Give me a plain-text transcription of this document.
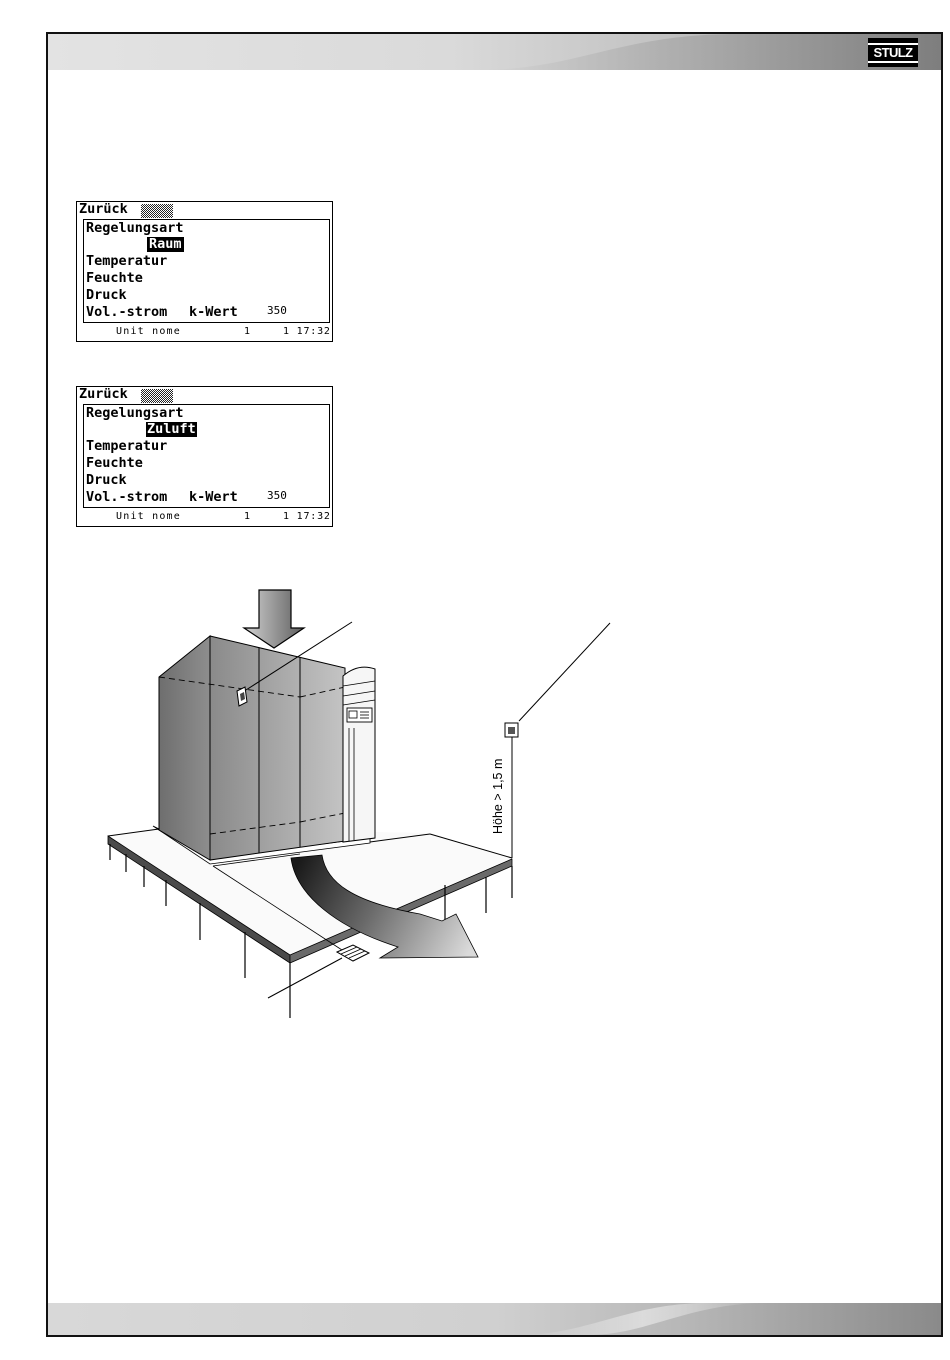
STULZ
Zurück
Regelungsart
Raum
Temperatur
Feuchte
Druck
Vol.-strom k-Wert	350
Unit nome	1	1 17:32
Zurück
Regelungsart
Zuluft
Temperatur
Feuchte
Druck
Vol.-strom k-Wert	350
Unit nome	1	1 17:32
Höhe > 1,5 m
